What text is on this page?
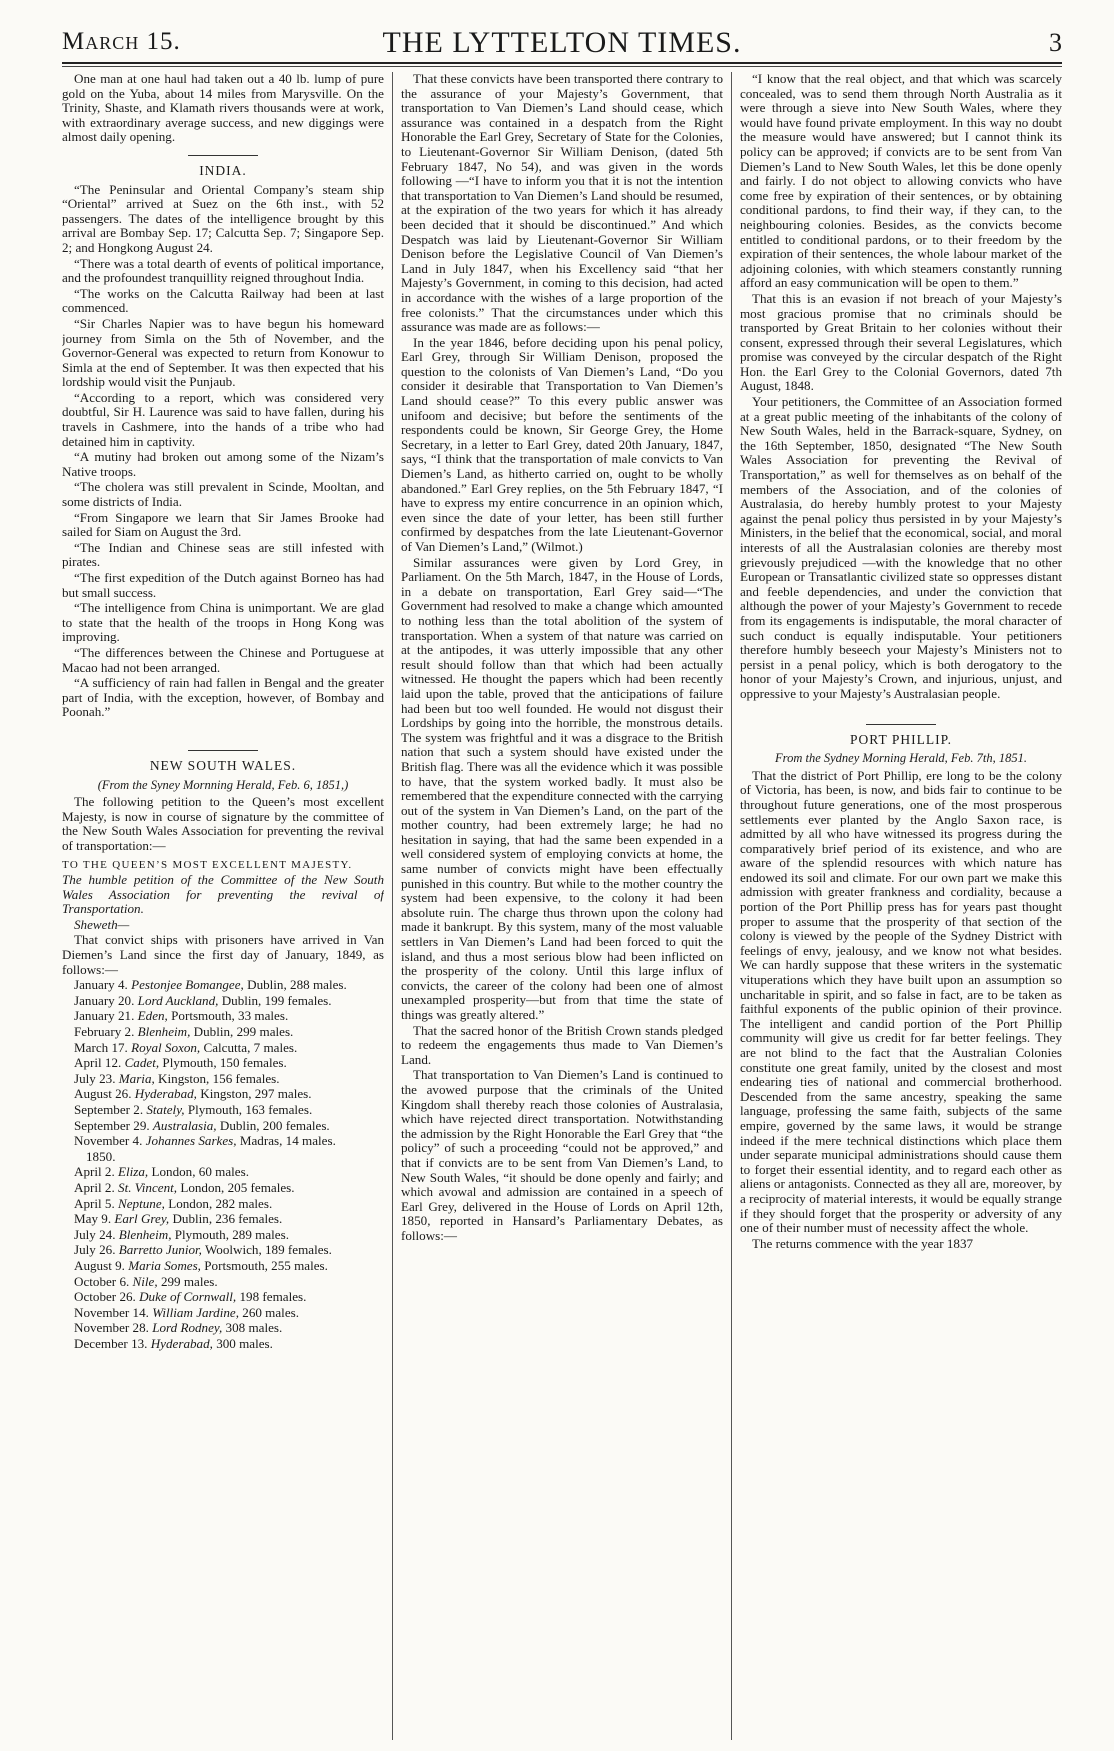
THE LYTTELTON TIMES.
March 15.	3

One man at one haul had taken out a 40 lb. lump of pure gold on the Yuba, about 14 miles from Marysville. On the Trinity, Shaste, and Klamath rivers thousands were at work, with extraordinary average success, and new diggings were almost daily opening.

INDIA.

“The Peninsular and Oriental Company’s steam ship “Oriental” arrived at Suez on the 6th inst., with 52 passengers. The dates of the intelligence brought by this arrival are Bombay Sep. 17; Calcutta Sep. 7; Singapore Sep. 2; and Hongkong August 24.

“There was a total dearth of events of political importance, and the profoundest tranquillity reigned throughout India.

“The works on the Calcutta Railway had been at last commenced.

“Sir Charles Napier was to have begun his homeward journey from Simla on the 5th of November, and the Governor-General was expected to return from Konowur to Simla at the end of September. It was then expected that his lordship would visit the Punjaub.

“According to a report, which was considered very doubtful, Sir H. Laurence was said to have fallen, during his travels in Cashmere, into the hands of a tribe who had detained him in captivity.

“A mutiny had broken out among some of the Nizam’s Native troops.

“The cholera was still prevalent in Scinde, Mooltan, and some districts of India.

“From Singapore we learn that Sir James Brooke had sailed for Siam on August the 3rd.

“The Indian and Chinese seas are still infested with pirates.

“The first expedition of the Dutch against Borneo has had but small success.

“The intelligence from China is unimportant. We are glad to state that the health of the troops in Hong Kong was improving.

“The differences between the Chinese and Portuguese at Macao had not been arranged.

“A sufficiency of rain had fallen in Bengal and the greater part of India, with the exception, however, of Bombay and Poonah.”

NEW SOUTH WALES.

(From the Syney Mornning Herald, Feb. 6, 1851,)

The following petition to the Queen’s most excellent Majesty, is now in course of signature by the committee of the New South Wales Association for preventing the revival of transportation:—

TO THE QUEEN’S MOST EXCELLENT MAJESTY.

The humble petition of the Committee of the New South Wales Association for preventing the revival of Transportation.

Sheweth—

That convict ships with prisoners have arrived in Van Diemen’s Land since the first day of January, 1849, as follows:—

January 4. Pestonjee Bomangee, Dublin, 288 males.

January 20. Lord Auckland, Dublin, 199 females.

January 21. Eden, Portsmouth, 33 males.

February 2. Blenheim, Dublin, 299 males.

March 17. Royal Soxon, Calcutta, 7 males.

April 12. Cadet, Plymouth, 150 females.

July 23. Maria, Kingston, 156 females.

August 26. Hyderabad, Kingston, 297 males.

September 2. Stately, Plymouth, 163 females.

September 29. Australasia, Dublin, 200 females.

November 4. Johannes Sarkes, Madras, 14 males.

1850.

April 2. Eliza, London, 60 males.

April 2. St. Vincent, London, 205 females.

April 5. Neptune, London, 282 males.

May 9. Earl Grey, Dublin, 236 females.

July 24. Blenheim, Plymouth, 289 males.

July 26. Barretto Junior, Woolwich, 189 females.

August 9. Maria Somes, Portsmouth, 255 males.

October 6. Nile, 299 males.

October 26. Duke of Cornwall, 198 females.

November 14. William Jardine, 260 males.

November 28. Lord Rodney, 308 males.

December 13. Hyderabad, 300 males.

That these convicts have been transported there contrary to the assurance of your Majesty’s Government, that transportation to Van Diemen’s Land should cease, which assurance was contained in a despatch from the Right Honorable the Earl Grey, Secretary of State for the Colonies, to Lieutenant-Governor Sir William Denison, (dated 5th February 1847, No 54), and was given in the words following —“I have to inform you that it is not the intention that transportation to Van Diemen’s Land should be resumed, at the expiration of the two years for which it has already been decided that it should be discontinued.” And which Despatch was laid by Lieutenant-Governor Sir William Denison before the Legislative Council of Van Diemen’s Land in July 1847, when his Excellency said “that her Majesty’s Government, in coming to this decision, had acted in accordance with the wishes of a large proportion of the free colonists.” That the circumstances under which this assurance was made are as follows:—

In the year 1846, before deciding upon his penal policy, Earl Grey, through Sir William Denison, proposed the question to the colonists of Van Diemen’s Land, “Do you consider it desirable that Transportation to Van Diemen’s Land should cease?” To this every public answer was unifoom and decisive; but before the sentiments of the respondents could be known, Sir George Grey, the Home Secretary, in a letter to Earl Grey, dated 20th January, 1847, says, “I think that the transportation of male convicts to Van Diemen’s Land, as hitherto carried on, ought to be wholly abandoned.” Earl Grey replies, on the 5th February 1847, “I have to express my entire concurrence in an opinion which, even since the date of your letter, has been still further confirmed by despatches from the late Lieutenant-Governor of Van Diemen’s Land,” (Wilmot.)

Similar assurances were given by Lord Grey, in Parliament. On the 5th March, 1847, in the House of Lords, in a debate on transportation, Earl Grey said—“The Government had resolved to make a change which amounted to nothing less than the total abolition of the system of transportation. When a system of that nature was carried on at the antipodes, it was utterly impossible that any other result should follow than that which had been actually witnessed. He thought the papers which had been recently laid upon the table, proved that the anticipations of failure had been but too well founded. He would not disgust their Lordships by going into the horrible, the monstrous details. The system was frightful and it was a disgrace to the British nation that such a system should have existed under the British flag. There was all the evidence which it was possible to have, that the system worked badly. It must also be remembered that the expenditure connected with the carrying out of the system in Van Diemen’s Land, on the part of the mother country, had been extremely large; he had no hesitation in saying, that had the same been expended in a well considered system of employing convicts at home, the same number of convicts might have been effectually punished in this country. But while to the mother country the system had been expensive, to the colony it had been absolute ruin. The charge thus thrown upon the colony had made it bankrupt. By this system, many of the most valuable settlers in Van Diemen’s Land had been forced to quit the island, and thus a most serious blow had been inflicted on the prosperity of the colony. Until this large influx of convicts, the career of the colony had been one of almost unexampled prosperity—but from that time the state of things was greatly altered.”

That the sacred honor of the British Crown stands pledged to redeem the engagements thus made to Van Diemen’s Land.

That transportation to Van Diemen’s Land is continued to the avowed purpose that the criminals of the United Kingdom shall thereby reach those colonies of Australasia, which have rejected direct transportation. Notwithstanding the admission by the Right Honorable the Earl Grey that “the policy” of such a proceeding “could not be approved,” and that if convicts are to be sent from Van Diemen’s Land, to New South Wales, “it should be done openly and fairly; and which avowal and admission are contained in a speech of Earl Grey, delivered in the House of Lords on April 12th, 1850, reported in Hansard’s Parliamentary Debates, as follows:—

“I know that the real object, and that which was scarcely concealed, was to send them through North Australia as it were through a sieve into New South Wales, where they would have found private employment. In this way no doubt the measure would have answered; but I cannot think its policy can be approved; if convicts are to be sent from Van Diemen’s Land to New South Wales, let this be done openly and fairly. I do not object to allowing convicts who have come free by expiration of their sentences, or by obtaining conditional pardons, to find their way, if they can, to the neighbouring colonies. Besides, as the convicts become entitled to conditional pardons, or to their freedom by the expiration of their sentences, the whole labour market of the adjoining colonies, with which steamers constantly running afford an easy communication will be open to them.”

That this is an evasion if not breach of your Majesty’s most gracious promise that no criminals should be transported by Great Britain to her colonies without their consent, expressed through their several Legislatures, which promise was conveyed by the circular despatch of the Right Hon. the Earl Grey to the Colonial Governors, dated 7th August, 1848.

Your petitioners, the Committee of an Association formed at a great public meeting of the inhabitants of the colony of New South Wales, held in the Barrack-square, Sydney, on the 16th September, 1850, designated “The New South Wales Association for preventing the Revival of Transportation,” as well for themselves as on behalf of the members of the Association, and of the colonies of Australasia, do hereby humbly protest to your Majesty against the penal policy thus persisted in by your Majesty’s Ministers, in the belief that the economical, social, and moral interests of all the Australasian colonies are thereby most grievously prejudiced —with the knowledge that no other European or Transatlantic civilized state so oppresses distant and feeble dependencies, and under the conviction that although the power of your Majesty’s Government to recede from its engagements is indisputable, the moral character of such conduct is equally indisputable. Your petitioners therefore humbly beseech your Majesty’s Ministers not to persist in a penal policy, which is both derogatory to the honor of your Majesty’s Crown, and injurious, unjust, and oppressive to your Majesty’s Australasian people.

PORT PHILLIP.

From the Sydney Morning Herald, Feb. 7th, 1851.

That the district of Port Phillip, ere long to be the colony of Victoria, has been, is now, and bids fair to continue to be throughout future generations, one of the most prosperous settlements ever planted by the Anglo Saxon race, is admitted by all who have witnessed its progress during the comparatively brief period of its existence, and who are aware of the splendid resources with which nature has endowed its soil and climate. For our own part we make this admission with greater frankness and cordiality, because a portion of the Port Phillip press has for years past thought proper to assume that the prosperity of that section of the colony is viewed by the people of the Sydney District with feelings of envy, jealousy, and we know not what besides. We can hardly suppose that these writers in the systematic vituperations which they have built upon an assumption so uncharitable in spirit, and so false in fact, are to be taken as faithful exponents of the public opinion of their province. The intelligent and candid portion of the Port Phillip community will give us credit for far better feelings. They are not blind to the fact that the Australian Colonies constitute one great family, united by the closest and most endearing ties of national and commercial brotherhood. Descended from the same ancestry, speaking the same language, professing the same faith, subjects of the same empire, governed by the same laws, it would be strange indeed if the mere technical distinctions which place them under separate municipal administrations should cause them to forget their essential identity, and to regard each other as aliens or antagonists. Connected as they all are, moreover, by a reciprocity of material interests, it would be equally strange if they should forget that the prosperity or adversity of any one of their number must of necessity affect the whole.

The returns commence with the year 1837
